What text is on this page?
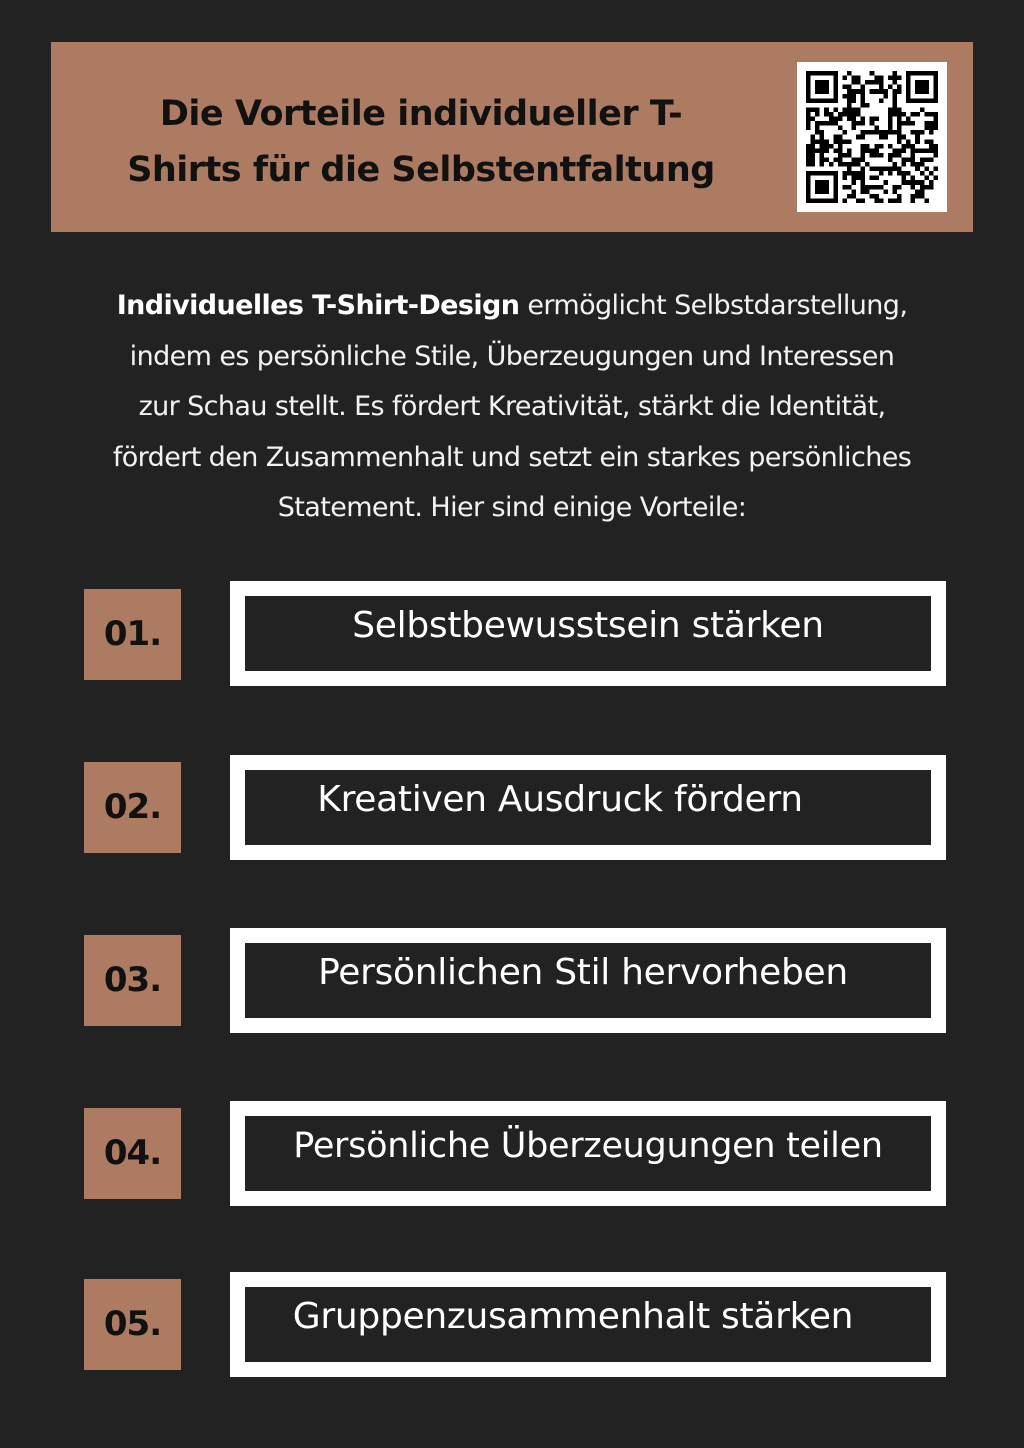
Die Vorteile individueller T-
Shirts für die Selbstentfaltung
Individuelles T-Shirt-Design ermöglicht Selbstdarstellung,
indem es persönliche Stile, Überzeugungen und Interessen
zur Schau stellt. Es fördert Kreativität, stärkt die Identität,
fördert den Zusammenhalt und setzt ein starkes persönliches
Statement. Hier sind einige Vorteile:
01.	Selbstbewusstsein stärken
02.	Kreativen Ausdruck fördern
03.	Persönlichen Stil hervorheben
04.	Persönliche Überzeugungen teilen
05.	Gruppenzusammenhalt stärken
